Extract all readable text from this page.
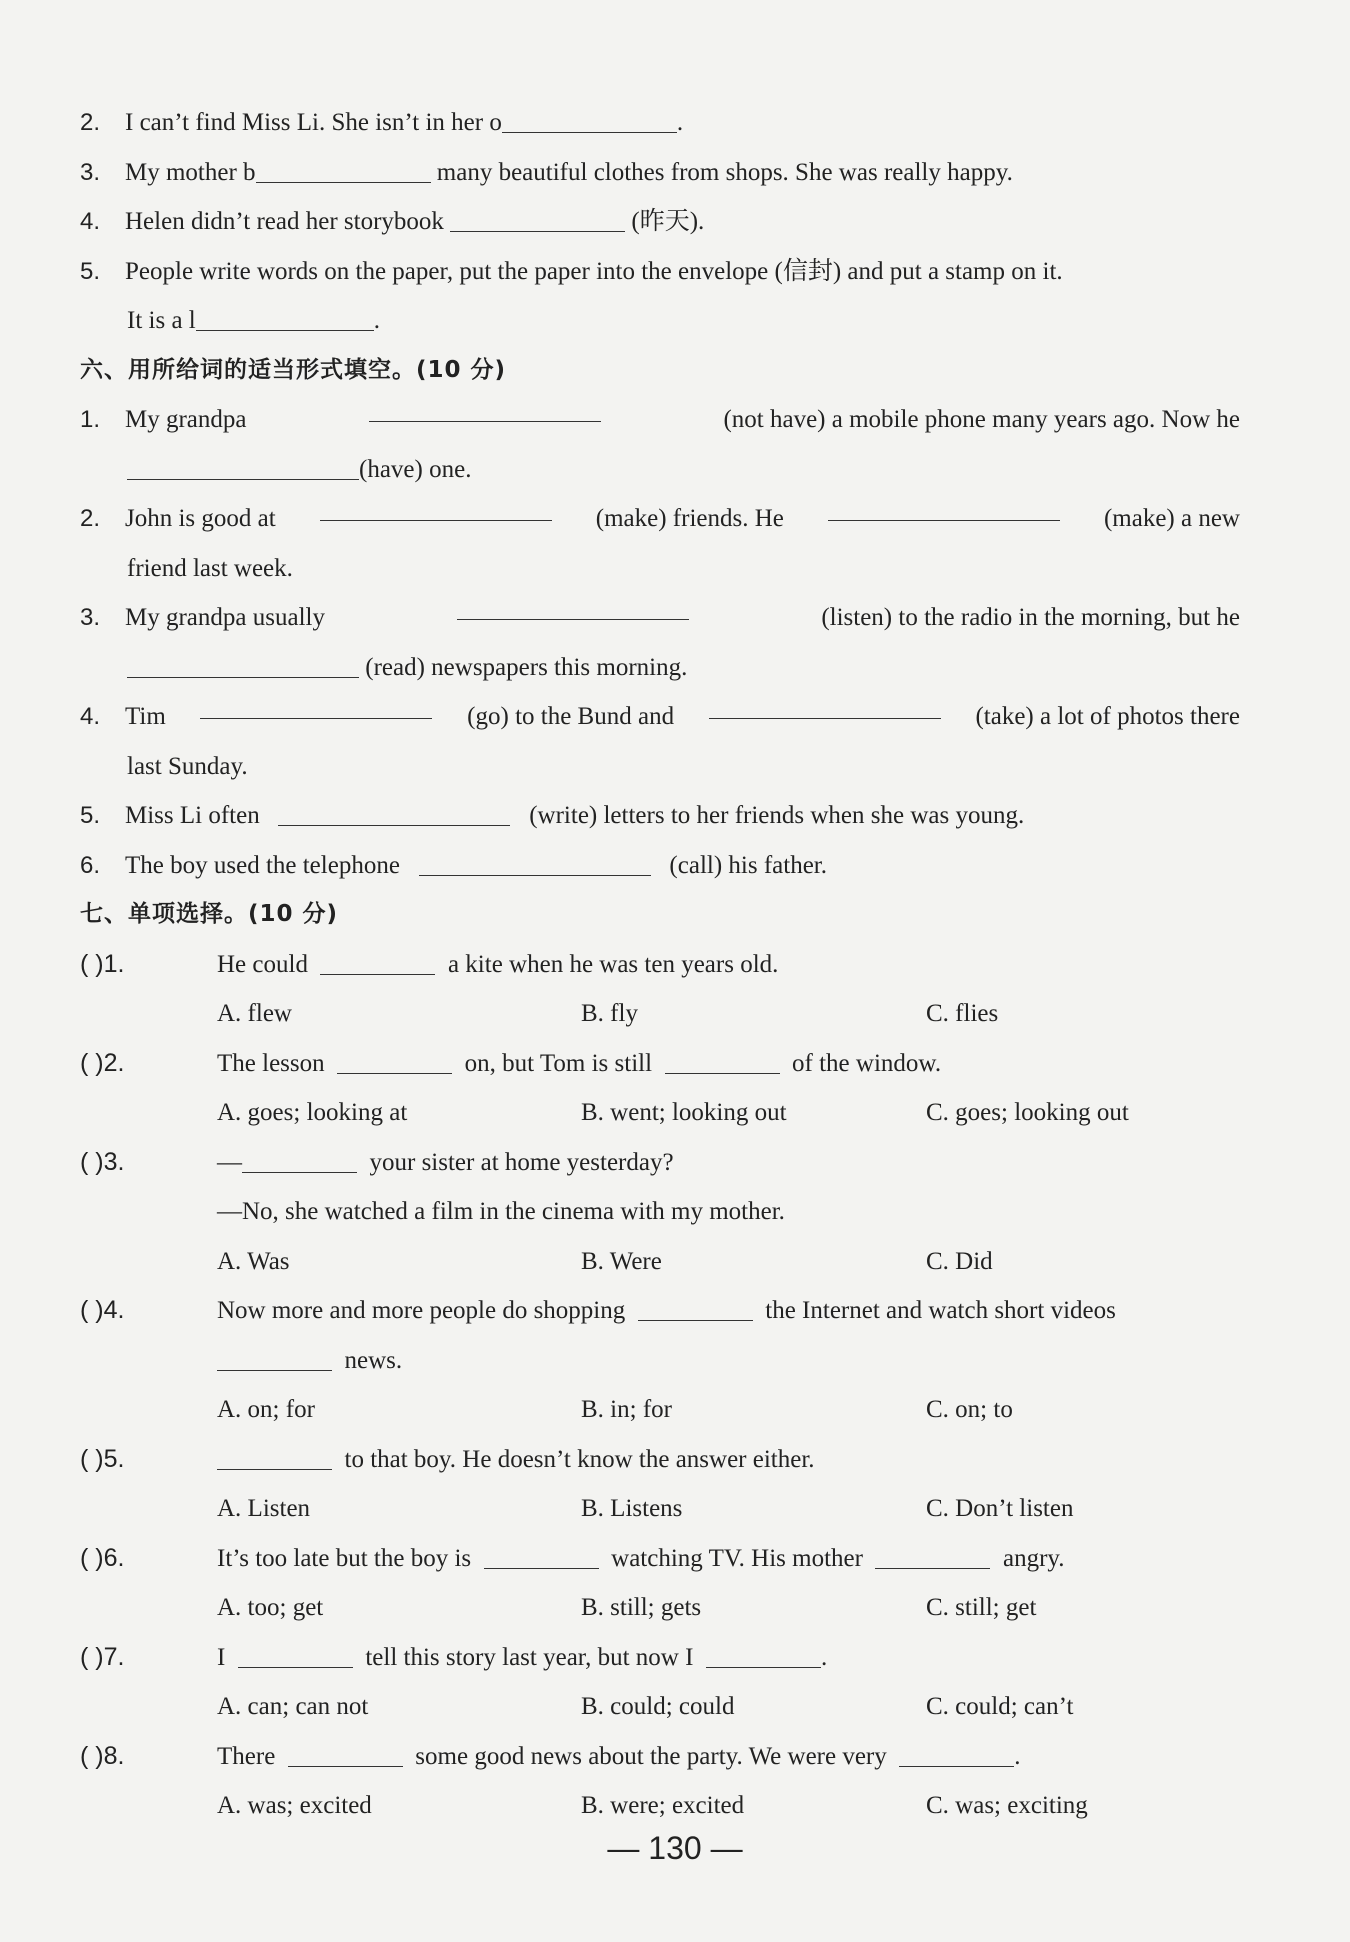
2. I can’t find Miss Li. She isn’t in her o	.
3. My mother b	many beautiful clothes from shops. She was really happy.
4. Helen didn’t read her storybook	(昨天).
5. People write words on the paper, put the paper into the envelope (信封) and put a stamp on it.
It is a l	.
六、用所给词的适当形式填空。(10 分)
1. My grandpa	(not have) a mobile phone many years ago. Now he
(have) one.
2. John is good at	(make) friends. He	(make) a new
friend last week.
3. My grandpa usually	(listen) to the radio in the morning, but he
(read) newspapers this morning.
4. Tim	(go) to the Bund and	(take) a lot of photos there
last Sunday.
5. Miss Li often	(write) letters to her friends when she was young.
6. The boy used the telephone	(call) his father.
七、单项选择。(10 分)
( )1.	He could	a kite when he was ten years old.
A. flew	B. fly	C. flies
( )2.	The lesson	on, but Tom is still	of the window.
A. goes; looking at	B. went; looking out	C. goes; looking out
( )3.	—	your sister at home yesterday?
—No, she watched a film in the cinema with my mother.
A. Was	B. Were	C. Did
( )4.	Now more and more people do shopping	the Internet and watch short videos
news.
A. on; for	B. in; for	C. on; to
( )5.	to that boy. He doesn’t know the answer either.
A. Listen	B. Listens	C. Don’t listen
( )6.	It’s too late but the boy is	watching TV. His mother	angry.
A. too; get	B. still; gets	C. still; get
( )7.	I	tell this story last year, but now I	.
A. can; can not	B. could; could	C. could; can’t
( )8.	There	some good news about the party. We were very	.
A. was; excited	B. were; excited	C. was; exciting
— 130 —
